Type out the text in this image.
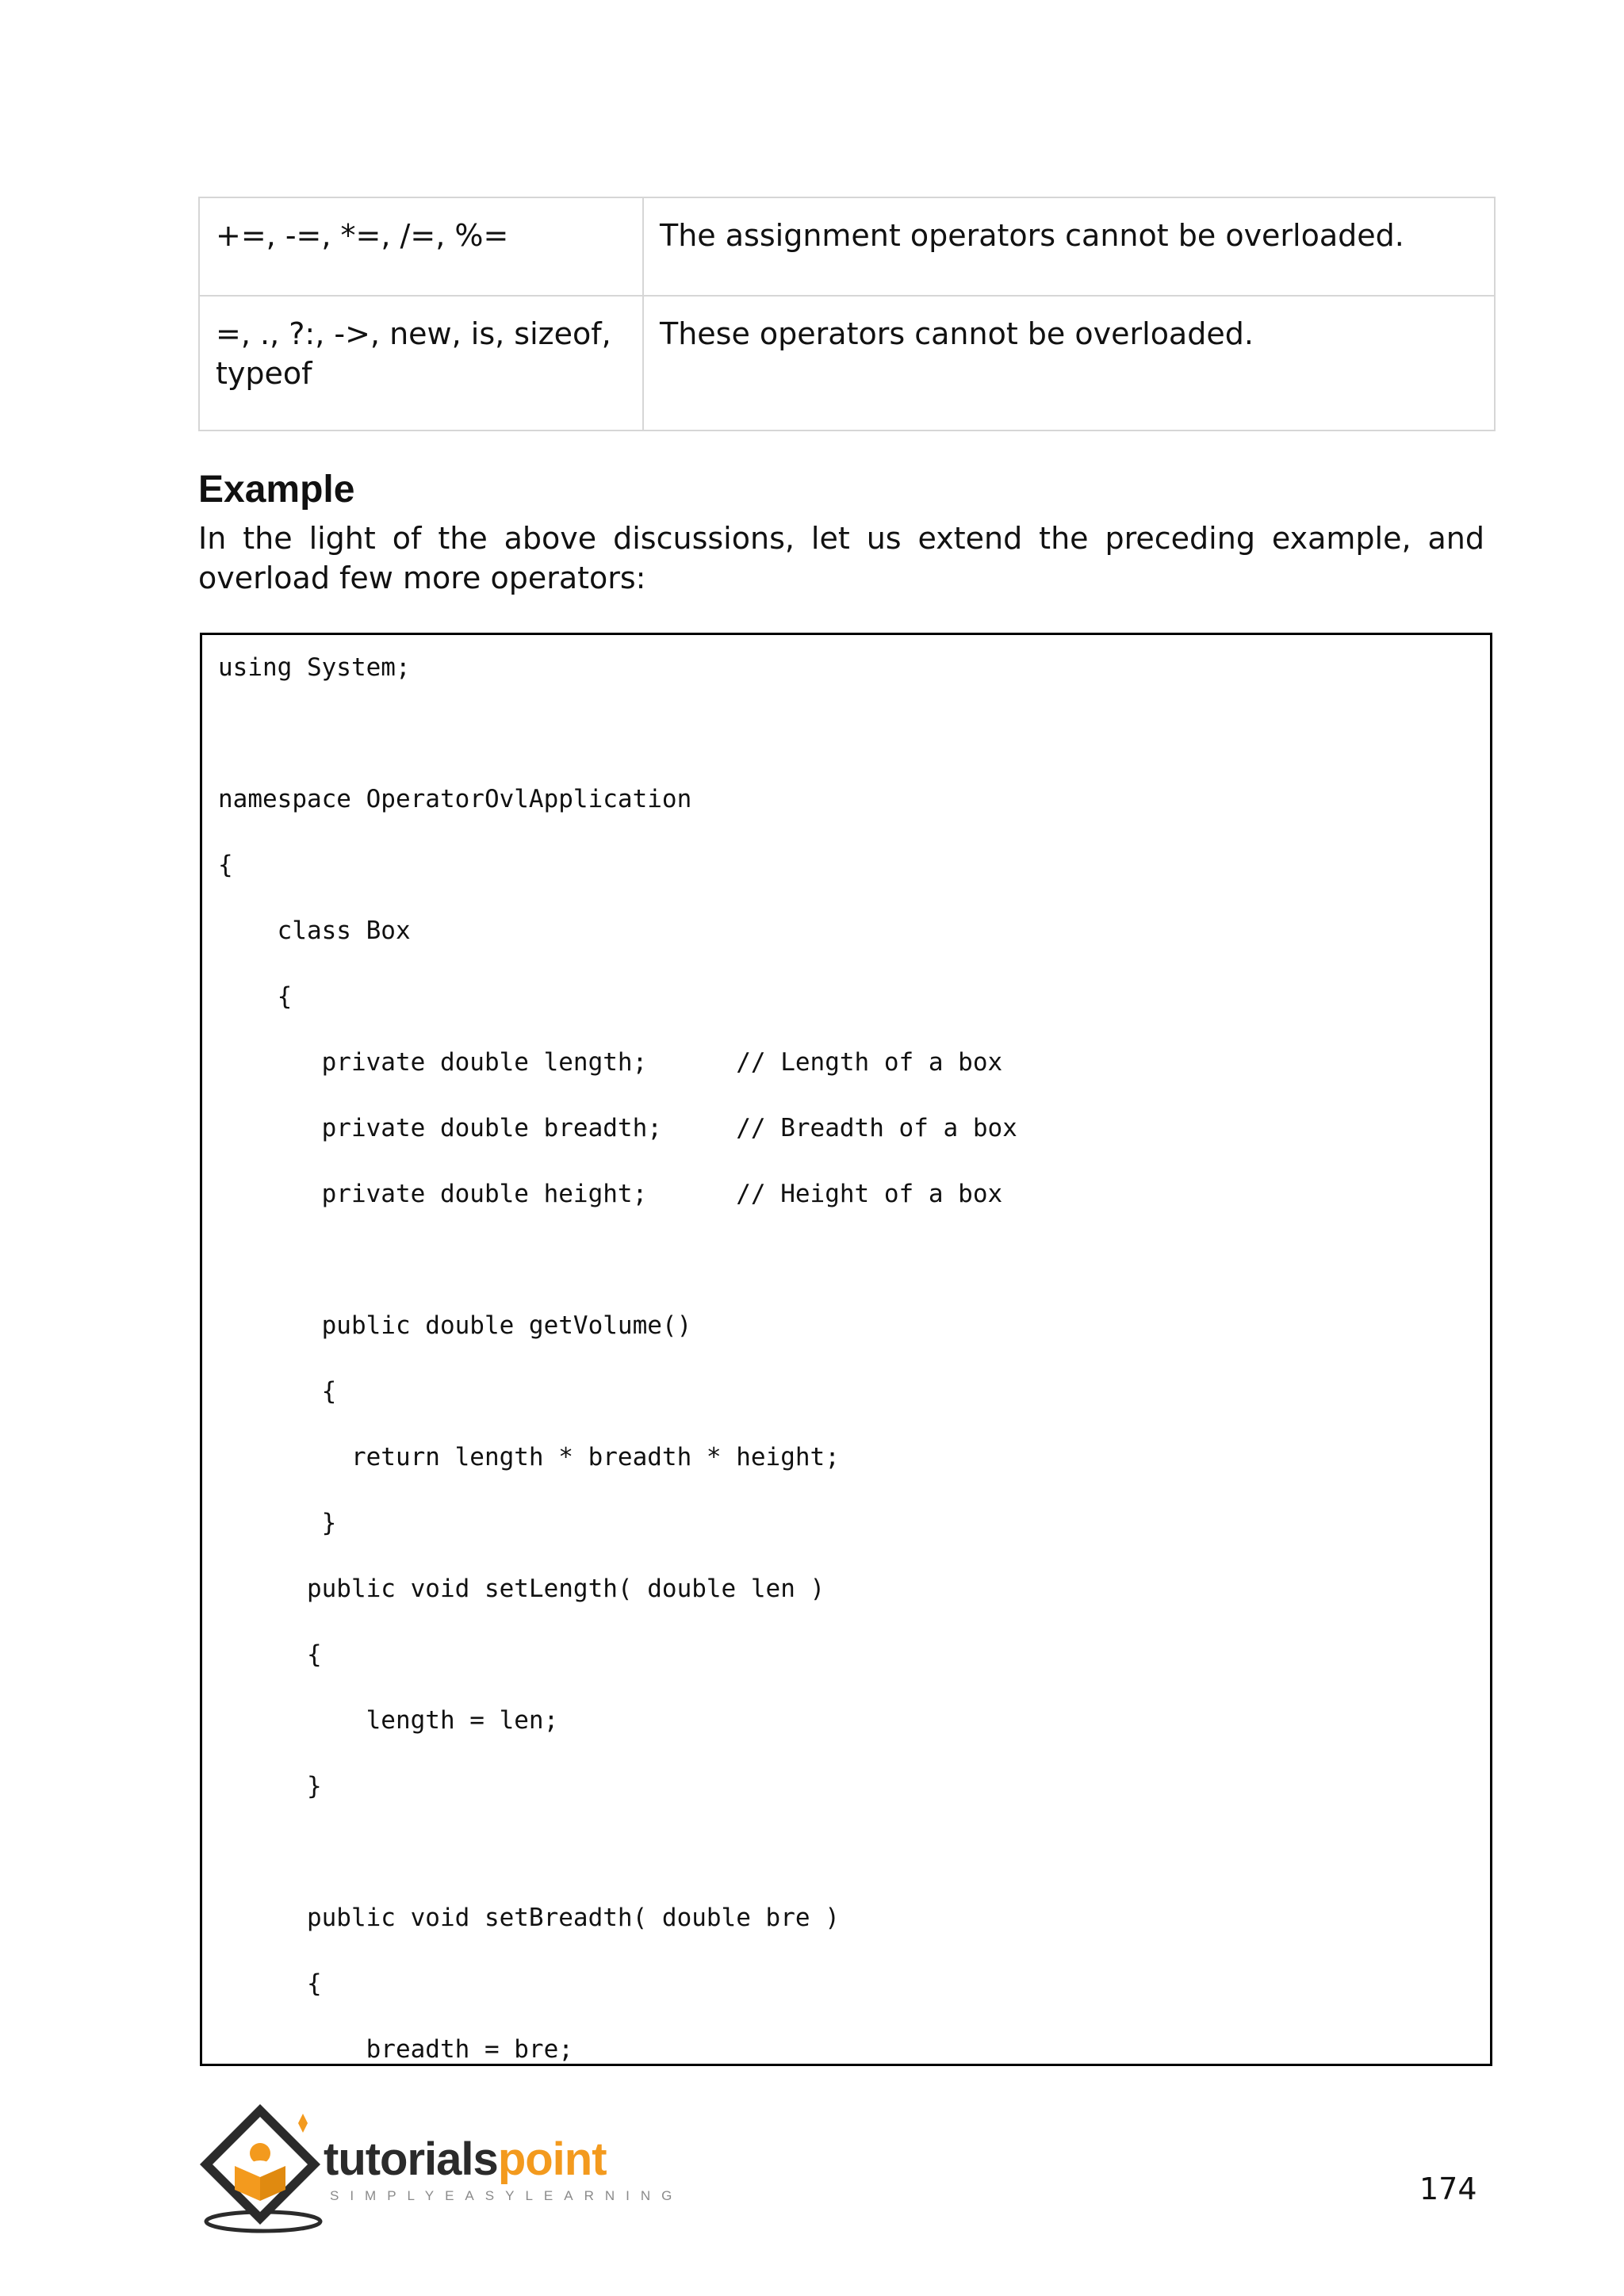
+=, -=, *=, /=, %=	The assignment operators cannot be overloaded.
=, ., ?:, ->, new, is, sizeof, typeof	These operators cannot be overloaded.
Example

In the light of the above discussions, let us extend the preceding example, and overload few more operators:

using System;
namespace OperatorOvlApplication
{
class Box
{
private double length;      // Length of a box
private double breadth;     // Breadth of a box
private double height;      // Height of a box
public double getVolume()
{
return length * breadth * height;
}
public void setLength( double len )
{
length = len;
}
public void setBreadth( double bre )
{
breadth = bre;
tutorialspoint
SIMPLYEASYLEARNING	174
